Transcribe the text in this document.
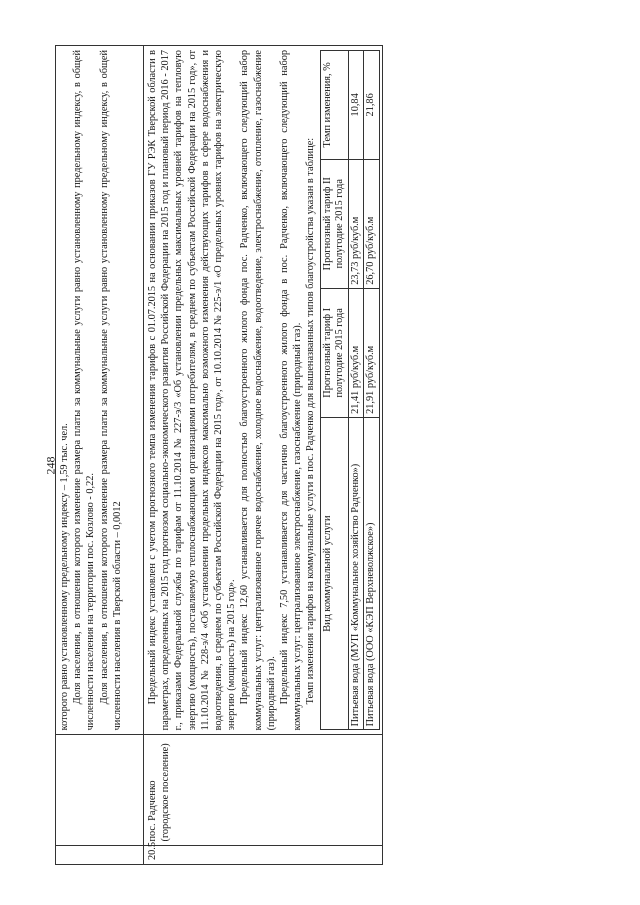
248
		которого равно установленному предельному индексу – 1,59 тыс. чел. Доля населения, в отношении которого изменение размера платы за коммунальные услуги равно установленному предельному индексу, в общей численности населения на территории пос. Козлово - 0,22. Доля населения, в отношении которого изменение размера платы за коммунальные услуги равно установленному предельному индексу, в общей численности населения в Тверской области – 0,0012

20.5	пос. Радченко (городское поселение)	

Предельный индекс установлен с учетом прогнозного темпа изменения тарифов с 01.07.2015 на основании приказов ГУ РЭК Тверской области в параметрах, определенных на 2015 год прогнозом социально-экономического развития Российской Федерации на 2015 год и плановый период 2016 - 2017 г., приказами Федеральной службы по тарифам от 11.10.2014 № 227-э/3 «Об установлении предельных максимальных уровней тарифов на тепловую энергию (мощность), поставляемую теплоснабжающими организациями потребителям, в среднем по субъектам Российской Федерации на 2015 год», от 11.10.2014 № 228-э/4 «Об установлении предельных индексов максимально возможного изменения действующих тарифов в сфере водоснабжения и водоотведения, в среднем по субъектам Российской Федерации на 2015 год», от 10.10.2014 № 225-э/1 «О предельных уровнях тарифов на электрическую энергию (мощность) на 2015 год». Предельный индекс 12,60 устанавливается для полностью благоустроенного жилого фонда пос. Радченко, включающего следующий набор коммунальных услуг: централизованное горячее водоснабжение, холодное водоснабжение, водоотведение, электроснабжение, отопление, газоснабжение (природный газ). Предельный индекс 7,50 устанавливается для частично благоустроенного жилого фонда в пос. Радченко, включающего следующий набор коммунальных услуг: централизованное электроснабжение, газоснабжение (природный газ). Темп изменения тарифов на коммунальные услуги в пос. Радченко для вышеназванных типов благоустройства указан в таблице: Вид коммунальной услуги	Прогнозный тариф I полугодие 2015 года	Прогнозный тариф II полугодие 2015 года	Темп изменения, %
Питьевая вода (МУП «Коммунальное хозяйство Радченко»)	21,41 руб/куб.м	23,73 руб/куб.м	10,84
Питьевая вода (ООО «КЭП Верхневолжское»)	21,91 руб/куб.м	26,70 руб/куб.м	21,86
